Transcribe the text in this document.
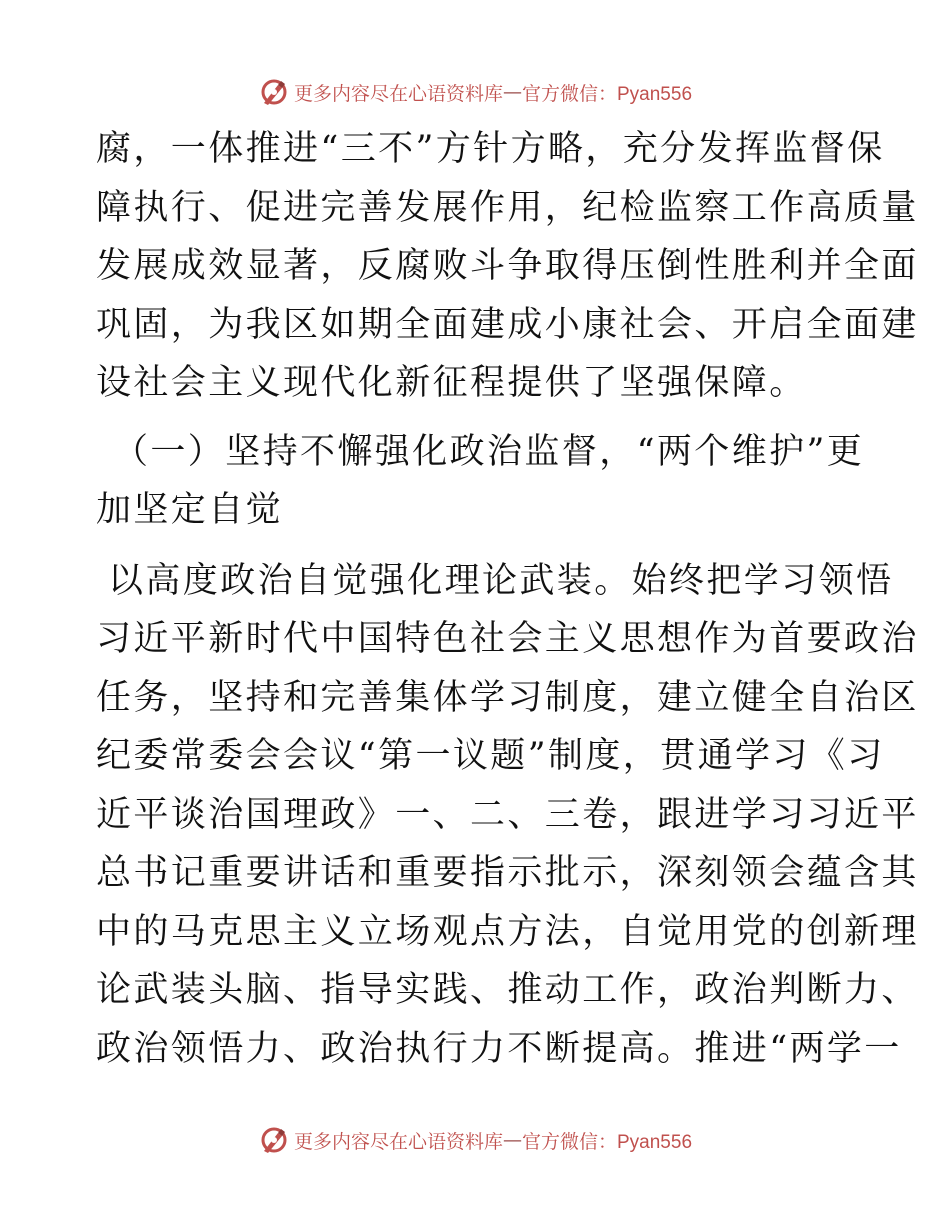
更多内容尽在心语资料库 — 官方微信：Pyan556

腐，一体推进“三不”方针方略，充分发挥监督保
障执行、促进完善发展作用，纪检监察工作高质量
发展成效显著，反腐败斗争取得压倒性胜利并全面
巩固，为我区如期全面建成小康社会、开启全面建
设社会主义现代化新征程提供了坚强保障。

（一）坚持不懈强化政治监督，“两个维护”更
加坚定自觉

以高度政治自觉强化理论武装。始终把学习领悟
习近平新时代中国特色社会主义思想作为首要政治
任务，坚持和完善集体学习制度，建立健全自治区
纪委常委会会议“第一议题”制度，贯通学习《习
近平谈治国理政》一、二、三卷，跟进学习习近平
总书记重要讲话和重要指示批示，深刻领会蕴含其
中的马克思主义立场观点方法，自觉用党的创新理
论武装头脑、指导实践、推动工作，政治判断力、
政治领悟力、政治执行力不断提高。推进“两学一

更多内容尽在心语资料库 — 官方微信：Pyan556
